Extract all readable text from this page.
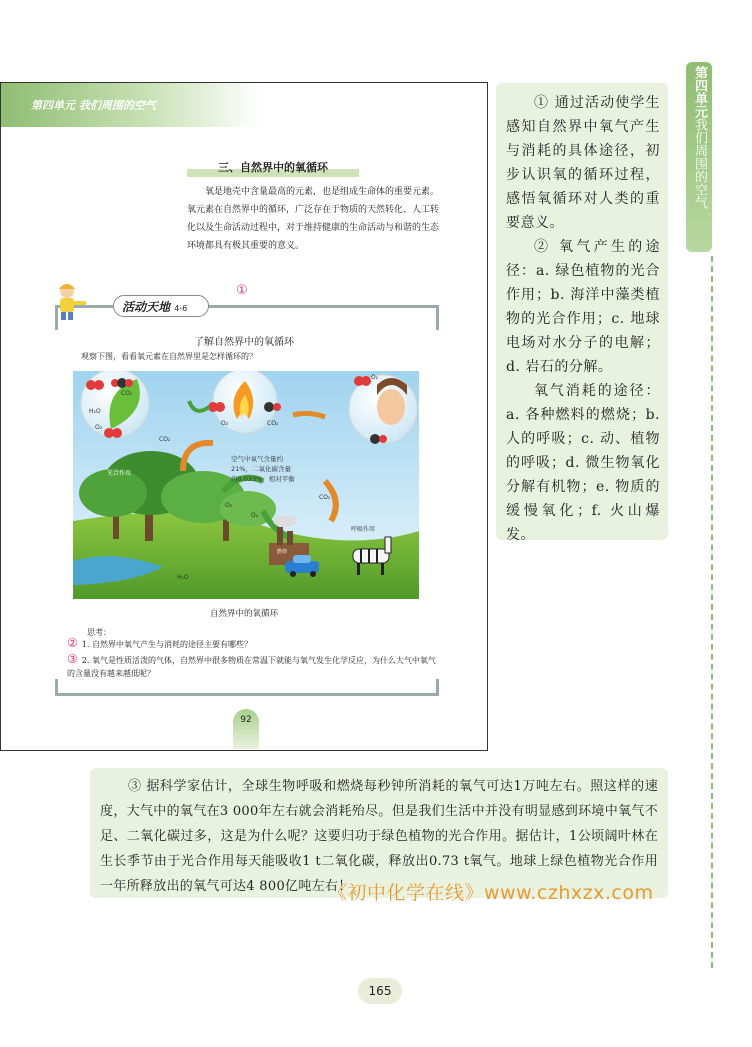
第四单元 我们周围的空气
三、自然界中的氧循环
氧是地壳中含量最高的元素，也是组成生命体的重要元素。氧元素在自然界中的循环，广泛存在于物质的天然转化、人工转化以及生命活动过程中，对于维持健康的生命活动与和谐的生态环境都具有极其重要的意义。
活动天地 4-6
①
了解自然界中的氧循环
观察下图，看看氧元素在自然界里是怎样循环的？
H₂O
CO₂
O₂
O₂	CO₂
O₂
CO₂
CO₂
O₂
O₂
空气中氧气含量约
21%，二氧化碳含量
约0.033%，相对平衡
光合作用
呼吸作用
燃烧
H₂O
自然界中的氧循环
思考：
② 1. 自然界中氧气产生与消耗的途径主要有哪些？
③ 2. 氧气是性质活泼的气体，自然界中很多物质在常温下就能与氧气发生化学反应，为什么大气中氧气的含量没有越来越低呢？
92

① 通过活动使学生感知自然界中氧气产生与消耗的具体途径，初步认识氧的循环过程，感悟氧循环对人类的重要意义。

② 氧气产生的途径：a. 绿色植物的光合作用；b. 海洋中藻类植物的光合作用；c. 地球电场对水分子的电解；d. 岩石的分解。

氧气消耗的途径：a. 各种燃料的燃烧；b. 人的呼吸；c. 动、植物的呼吸；d. 微生物氧化分解有机物；e. 物质的缓慢氧化；f. 火山爆发。

第四单元我们周围的空气

③ 据科学家估计，全球生物呼吸和燃烧每秒钟所消耗的氧气可达1万吨左右。照这样的速度，大气中的氧气在3 000年左右就会消耗殆尽。但是我们生活中并没有明显感到环境中氧气不足、二氧化碳过多，这是为什么呢？这要归功于绿色植物的光合作用。据估计，1公顷阔叶林在生长季节由于光合作用每天能吸收1 t二氧化碳，释放出0.73 t氧气。地球上绿色植物光合作用一年所释放出的氧气可达4 800亿吨左右！

《初中化学在线》www.czhxzx.com
165
